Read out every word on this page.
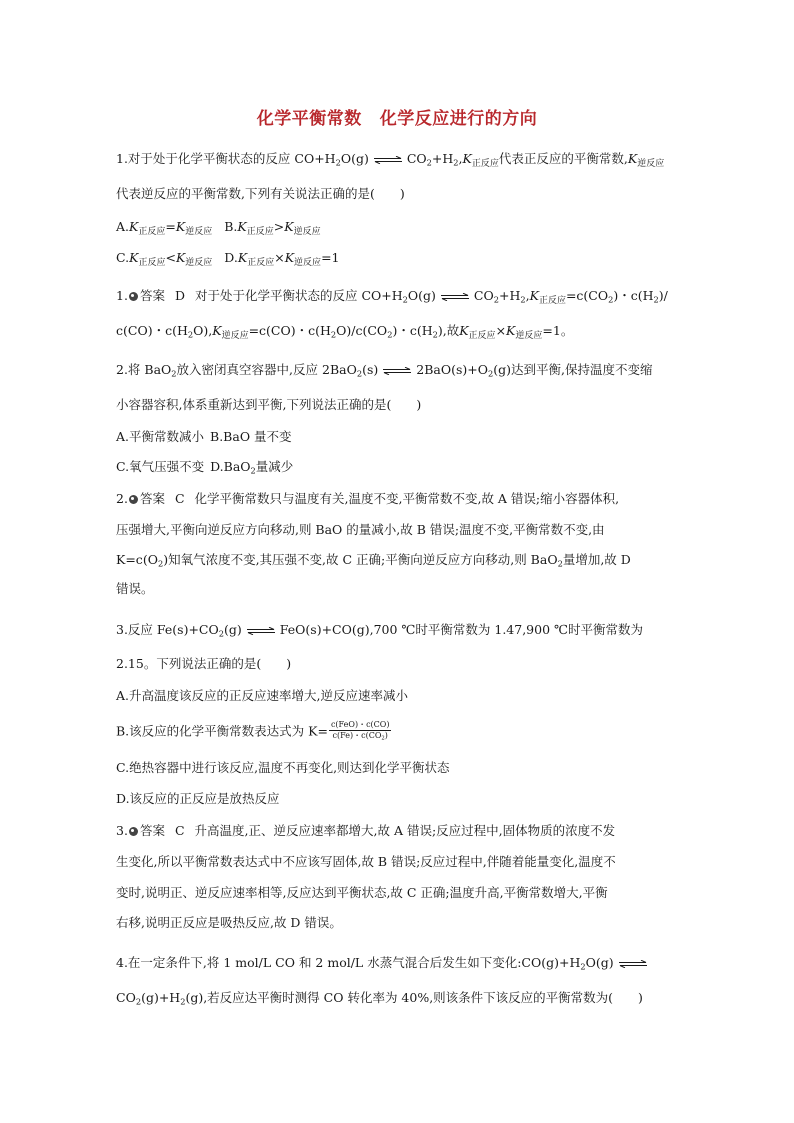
化学平衡常数 化学反应进行的方向
1.对于处于化学平衡状态的反应 $CO+H_2O(g)$ ⇌ $CO_2+H_2,K_{正反应}$代表正反应的平衡常数$,K_{逆反应}$
代表逆反应的平衡常数,下列有关说法正确的是(　　)
$A.K_{正反应}=K_{逆反应}$ $B.K_{正反应}>K_{逆反应}$
$C.K_{正反应}<K_{逆反应}$ $D.K_{正反应}\times K_{逆反应}=1$
1. 答案 D 对于处于化学平衡状态的反应 $CO+H_2O(g)$ ⇌ $CO_2+H_2,K_{正反应}=c(CO_2)$・$c(H_2)/$
c(CO)・$c(H_2O),K_{逆反应}=c(CO)$・$c(H_2O)/c(CO_2)$・$c(H_2)$,故$K_{正反应}\times K_{逆反应}=1$。
2.将 BaO$_2$放入密闭真空容器中,反应 2BaO$_2$(s) ⇌ $2BaO(s)+O_2(g)$达到平衡,保持温度不变缩
小容器容积,体系重新达到平衡,下列说法正确的是(　　)
A.平衡常数减小 B.BaO 量不变
C.氧气压强不变 D.BaO$_2$量减少
2. 答案 C 化学平衡常数只与温度有关,温度不变,平衡常数不变,故 A 错误;缩小容器体积,
压强增大,平衡向逆反应方向移动,则 BaO 的量减小,故 B 错误;温度不变,平衡常数不变,由
$K=c(O_2)$知氧气浓度不变,其压强不变,故 C 正确;平衡向逆反应方向移动,则 BaO$_2$量增加,故 D
错误。
3.反应 $Fe(s)+CO_2(g)$ ⇌ FeO(s)+CO(g),700 ℃时平衡常数为 1.47,900 ℃时平衡常数为
2.15。下列说法正确的是(　　)
A.升高温度该反应的正反应速率增大,逆反应速率减小
B.该反应的化学平衡常数表达式为 $K= \frac{\text{c(FeO)・c(CO)}}{c(Fe)・c(CO_2)}$
C.绝热容器中进行该反应,温度不再变化,则达到化学平衡状态
D.该反应的正反应是放热反应
3. 答案 C 升高温度,正、逆反应速率都增大,故 A 错误;反应过程中,固体物质的浓度不发
生变化,所以平衡常数表达式中不应该写固体,故 B 错误;反应过程中,伴随着能量变化,温度不
变时,说明正、逆反应速率相等,反应达到平衡状态,故 C 正确;温度升高,平衡常数增大,平衡
右移,说明正反应是吸热反应,故 D 错误。
4.在一定条件下,将 1 mol/L CO 和 2 mol/L 水蒸气混合后发生如下变化$:CO(g)+H_2O(g)$ ⇌
$CO_2(g)+H_2(g)$,若反应达平衡时测得 CO 转化率为 40%,则该条件下该反应的平衡常数为(　　)
